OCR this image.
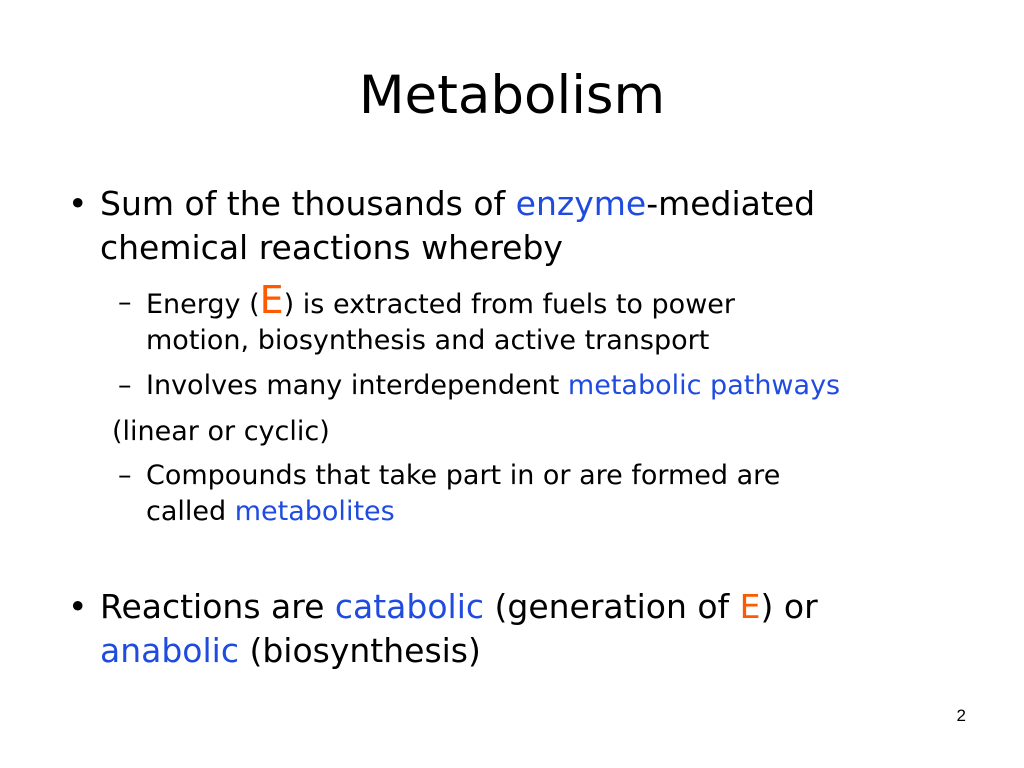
Metabolism
• Sum of the thousands of enzyme-mediated
chemical reactions whereby
– Energy (E) is extracted from fuels to power
motion, biosynthesis and active transport
– Involves many interdependent metabolic pathways
(linear or cyclic)
– Compounds that take part in or are formed are
called metabolites
• Reactions are catabolic (generation of E) or
anabolic (biosynthesis)
2
